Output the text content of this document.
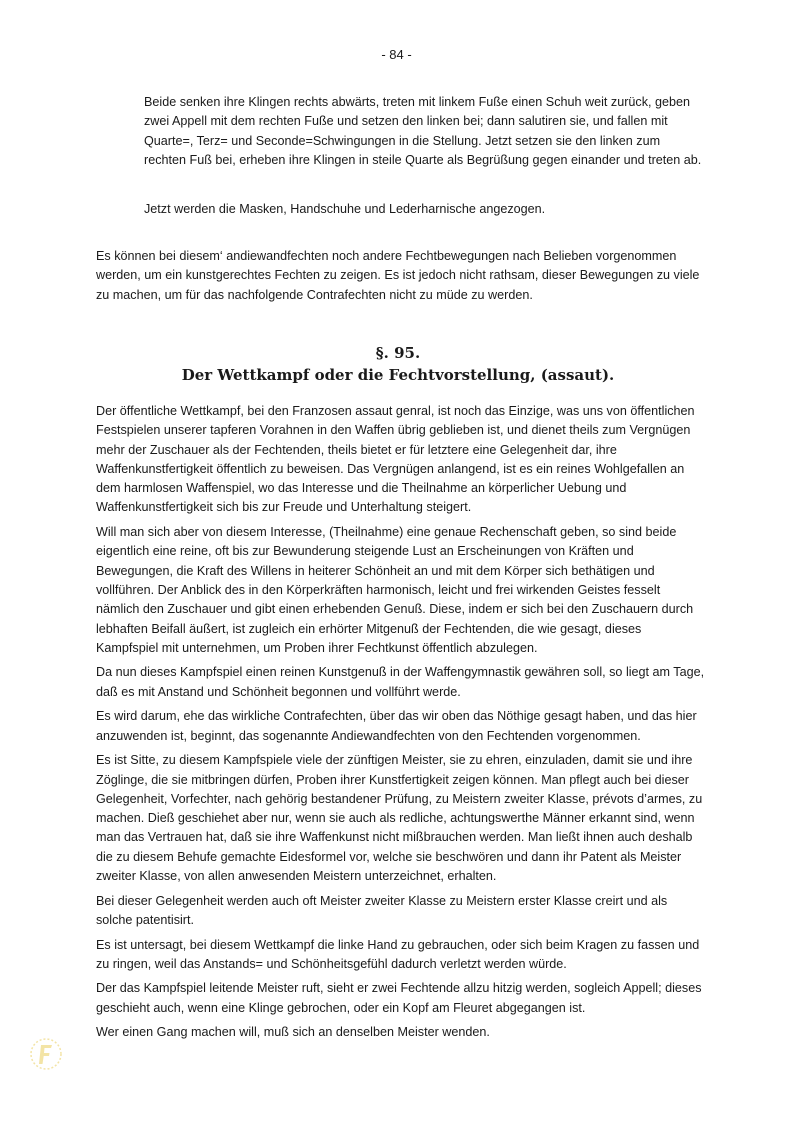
- 84 -

Beide senken ihre Klingen rechts abwärts, treten mit linkem Fuße einen Schuh weit zurück, geben zwei Appell mit dem rechten Fuße und setzen den linken bei; dann salutiren sie, und fallen mit Quarte=, Terz= und Seconde=Schwingungen in die Stellung. Jetzt setzen sie den linken zum rechten Fuß bei, erheben ihre Klingen in steile Quarte als Begrüßung gegen einander und treten ab.

Jetzt werden die Masken, Handschuhe und Lederharnische angezogen.

Es können bei diesem‘ andiewandfechten noch andere Fechtbewegungen nach Belieben vorgenommen werden, um ein kunstgerechtes Fechten zu zeigen. Es ist jedoch nicht rathsam, dieser Bewegungen zu viele zu machen, um für das nachfolgende Contrafechten nicht zu müde zu werden.

§. 95.
Der Wettkampf oder die Fechtvorstellung, (assaut).

Der öffentliche Wettkampf, bei den Franzosen assaut genral, ist noch das Einzige, was uns von öffentlichen Festspielen unserer tapferen Vorahnen in den Waffen übrig geblieben ist, und dienet theils zum Vergnügen mehr der Zuschauer als der Fechtenden, theils bietet er für letztere eine Gelegenheit dar, ihre Waffenkunstfertigkeit öffentlich zu beweisen. Das Vergnügen anlangend, ist es ein reines Wohlgefallen an dem harmlosen Waffenspiel, wo das Interesse und die Theilnahme an körperlicher Uebung und Waffenkunstfertigkeit sich bis zur Freude und Unterhaltung steigert.

Will man sich aber von diesem Interesse, (Theilnahme) eine genaue Rechenschaft geben, so sind beide eigentlich eine reine, oft bis zur Bewunderung steigende Lust an Erscheinungen von Kräften und Bewegungen, die Kraft des Willens in heiterer Schönheit an und mit dem Körper sich bethätigen und vollführen. Der Anblick des in den Körperkräften harmonisch, leicht und frei wirkenden Geistes fesselt nämlich den Zuschauer und gibt einen erhebenden Genuß. Diese, indem er sich bei den Zuschauern durch lebhaften Beifall äußert, ist zugleich ein erhörter Mitgenuß der Fechtenden, die wie gesagt, dieses Kampfspiel mit unternehmen, um Proben ihrer Fechtkunst öffentlich abzulegen.

Da nun dieses Kampfspiel einen reinen Kunstgenuß in der Waffengymnastik gewähren soll, so liegt am Tage, daß es mit Anstand und Schönheit begonnen und vollführt werde.

Es wird darum, ehe das wirkliche Contrafechten, über das wir oben das Nöthige gesagt haben, und das hier anzuwenden ist, beginnt, das sogenannte Andiewandfechten von den Fechtenden vorgenommen.

Es ist Sitte, zu diesem Kampfspiele viele der zünftigen Meister, sie zu ehren, einzuladen, damit sie und ihre Zöglinge, die sie mitbringen dürfen, Proben ihrer Kunstfertigkeit zeigen können. Man pflegt auch bei dieser Gelegenheit, Vorfechter, nach gehörig bestandener Prüfung, zu Meistern zweiter Klasse, prévots d’armes, zu machen. Dieß geschiehet aber nur, wenn sie auch als redliche, achtungswerthe Männer erkannt sind, wenn man das Vertrauen hat, daß sie ihre Waffenkunst nicht mißbrauchen werden. Man ließt ihnen auch deshalb die zu diesem Behufe gemachte Eidesformel vor, welche sie beschwören und dann ihr Patent als Meister zweiter Klasse, von allen anwesenden Meistern unterzeichnet, erhalten.

Bei dieser Gelegenheit werden auch oft Meister zweiter Klasse zu Meistern erster Klasse creirt und als solche patentisirt.

Es ist untersagt, bei diesem Wettkampf die linke Hand zu gebrauchen, oder sich beim Kragen zu fassen und zu ringen, weil das Anstands= und Schönheitsgefühl dadurch verletzt werden würde.

Der das Kampfspiel leitende Meister ruft, sieht er zwei Fechtende allzu hitzig werden, sogleich Appell; dieses geschieht auch, wenn eine Klinge gebrochen, oder ein Kopf am Fleuret abgegangen ist.

Wer einen Gang machen will, muß sich an denselben Meister wenden.
